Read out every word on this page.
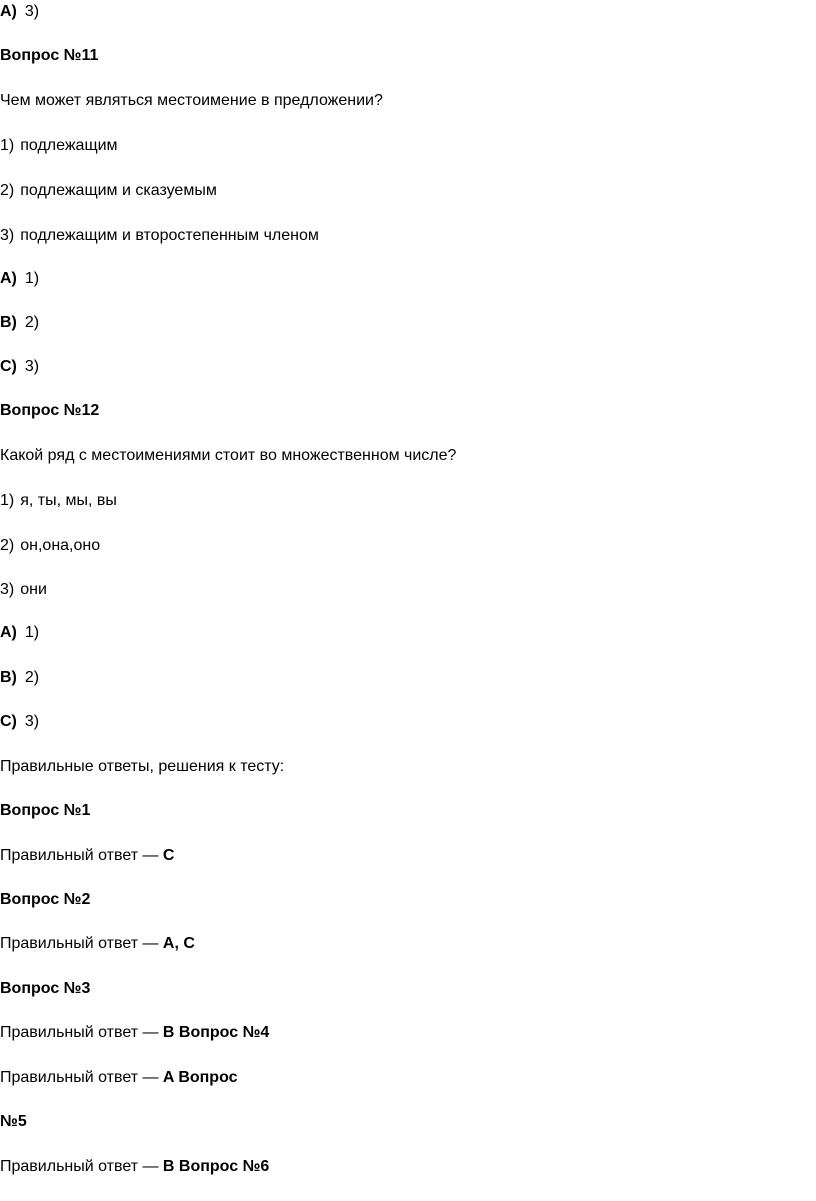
A) 3)
Вопрос №11
Чем может являться местоимение в предложении?
1) подлежащим
2) подлежащим и сказуемым
3) подлежащим и второстепенным членом
A) 1)
B) 2)
C) 3)
Вопрос №12
Какой ряд с местоимениями стоит во множественном числе?
1) я, ты, мы, вы
2) он,она,оно
3) они
A) 1)
B) 2)
C) 3)
Правильные ответы, решения к тесту:
Вопрос №1
Правильный ответ — C
Вопрос №2
Правильный ответ — A, C
Вопрос №3
Правильный ответ — B Вопрос №4
Правильный ответ — A Вопрос
№5
Правильный ответ — B Вопрос №6
